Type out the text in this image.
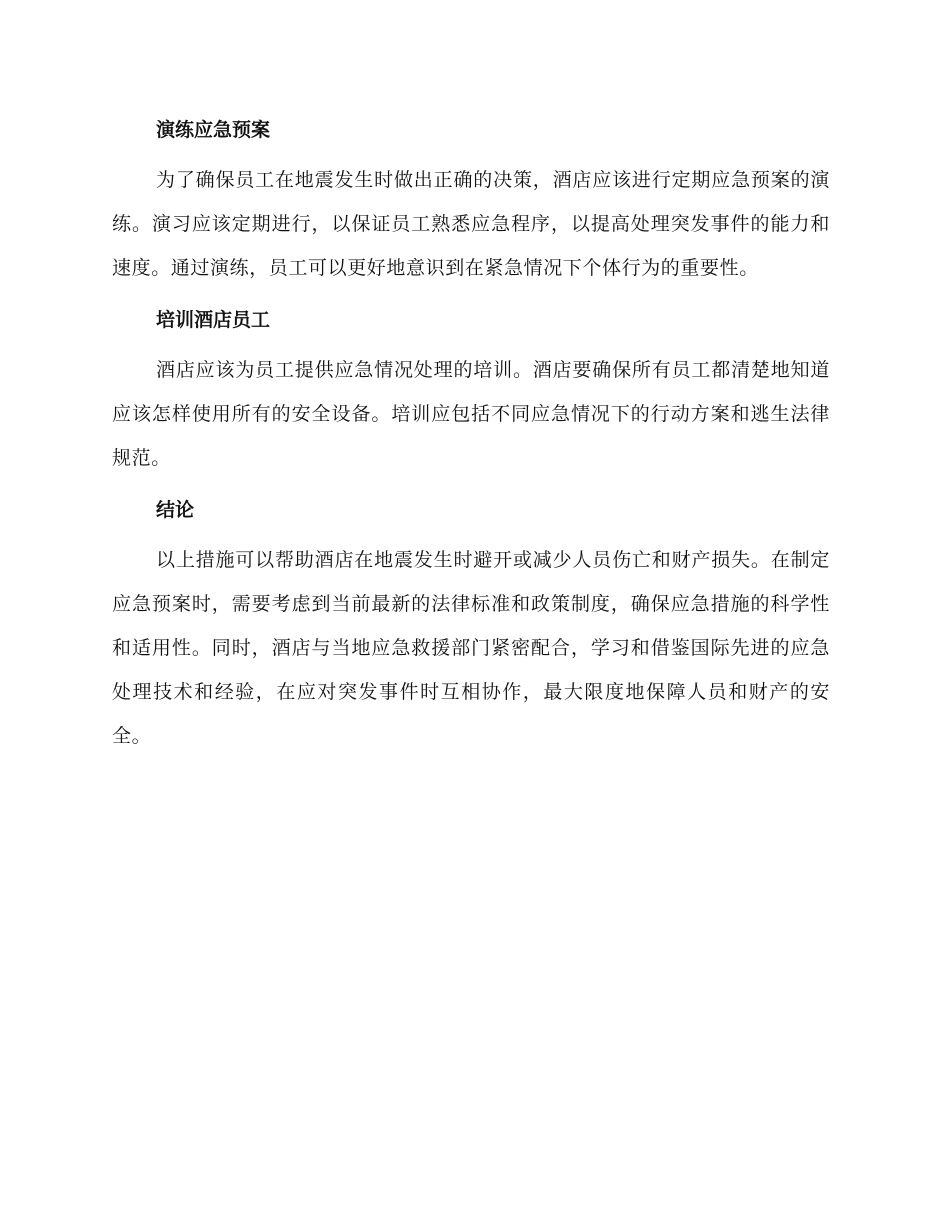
演练应急预案

为了确保员工在地震发生时做出正确的决策，酒店应该进行定期应急预案的演练。演习应该定期进行，以保证员工熟悉应急程序，以提高处理突发事件的能力和速度。通过演练，员工可以更好地意识到在紧急情况下个体行为的重要性。

培训酒店员工

酒店应该为员工提供应急情况处理的培训。酒店要确保所有员工都清楚地知道应该怎样使用所有的安全设备。培训应包括不同应急情况下的行动方案和逃生法律规范。

结论

以上措施可以帮助酒店在地震发生时避开或减少人员伤亡和财产损失。在制定应急预案时，需要考虑到当前最新的法律标准和政策制度，确保应急措施的科学性和适用性。同时，酒店与当地应急救援部门紧密配合，学习和借鉴国际先进的应急处理技术和经验，在应对突发事件时互相协作，最大限度地保障人员和财产的安全。
